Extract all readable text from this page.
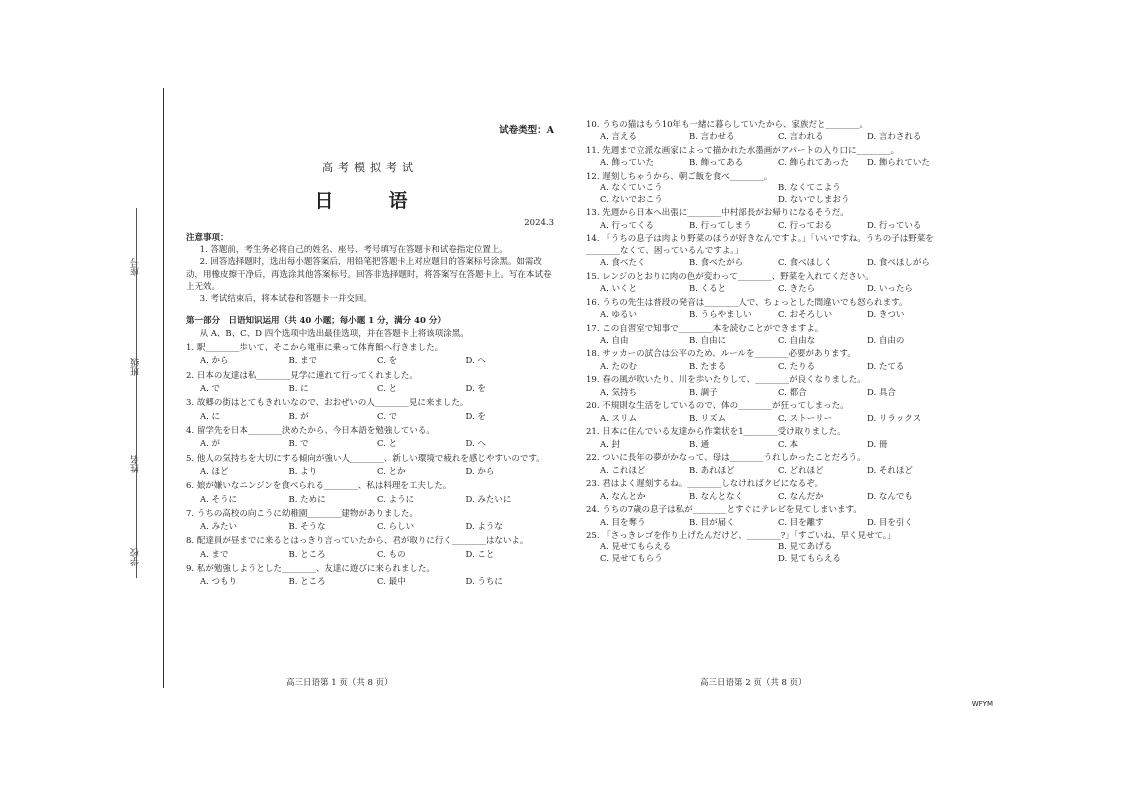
学校
姓名
班级
座号
试卷类型：A
高考模拟考试
日　语
2024.3
注意事项：

1. 答题前，考生务必将自己的姓名、座号、考号填写在答题卡和试卷指定位置上。

2. 回答选择题时，选出每小题答案后，用铅笔把答题卡上对应题目的答案标号涂黑。如需改动，用橡皮擦干净后，再选涂其他答案标号。回答非选择题时，将答案写在答题卡上。写在本试卷上无效。

3. 考试结束后，将本试卷和答题卡一并交回。

第一部分　日语知识运用（共 40 小题；每小题 1 分，满分 40 分）
从 A、B、C、D 四个选项中选出最佳选项，并在答题卡上将该项涂黑。
1. 駅________歩いて、そこから電車に乗って体育館へ行きました。
A. から	B. まで	C. を	D. へ
2. 日本の友達は私________見学に連れて行ってくれました。
A. で	B. に	C. と	D. を
3. 故郷の街はとてもきれいなので、おおぜいの人________見に来ました。
A. に	B. が	C. で	D. を
4. 留学先を日本________決めたから、今日本語を勉強している。
A. が	B. で	C. と	D. へ
5. 他人の気持ちを大切にする傾向が強い人________、新しい環境で疲れを感じやすいのです。
A. ほど	B. より	C. とか	D. から
6. 娘が嫌いなニンジンを食べられる________、私は料理を工夫した。
A. そうに	B. ために	C. ように	D. みたいに
7. うちの高校の向こうに幼稚園________建物がありました。
A. みたい	B. そうな	C. らしい	D. ような
8. 配達員が昼までに来るとはっきり言っていたから、君が取りに行く________はないよ。
A. まで	B. ところ	C. もの	D. こと
9. 私が勉強しようとした________、友達に遊びに来られました。
A. つもり	B. ところ	C. 最中	D. うちに
10. うちの猫はもう10年も一緒に暮らしていたから、家族だと________。
A. 言える	B. 言わせる	C. 言われる	D. 言わされる
11. 先週まで立派な画家によって描かれた水墨画がアパートの入り口に________。
A. 飾っていた	B. 飾ってある	C. 飾られてあった	D. 飾られていた
12. 遅刻しちゃうから、朝ご飯を食べ________。
A. なくていこう	B. なくてこよう
C. ないでおこう	D. ないでしまおう
13. 先週から日本へ出張に________中村部長がお帰りになるそうだ。
A. 行ってくる	B. 行ってしまう	C. 行っておる	D. 行っている
14. 「うちの息子は肉より野菜のほうが好きなんですよ。」「いいですね。うちの子は野菜を________なくて、困っているんですよ。」
A. 食べたく	B. 食べたがら	C. 食べほしく	D. 食べほしがら
15. レンジのとおりに肉の色が変わって________、野菜を入れてください。
A. いくと	B. くると	C. きたら	D. いったら
16. うちの先生は普段の発音は________人で、ちょっとした間違いでも怒られます。
A. ゆるい	B. うらやましい	C. おそろしい	D. きつい
17. この自習室で知事で________本を読むことができますよ。
A. 自由	B. 自由に	C. 自由な	D. 自由の
18. サッカーの試合は公平のため、ルールを________必要があります。
A. たのむ	B. たまる	C. たりる	D. たてる
19. 春の風が吹いたり、川を歩いたりして、________が良くなりました。
A. 気持ち	B. 調子	C. 都合	D. 具合
20. 不規則な生活をしているので、体の________が狂ってしまった。
A. スリム	B. リズム	C. ストーリー	D. リラックス
21. 日本に住んでいる友達から作業状を1________受け取りました。
A. 封	B. 通	C. 本	D. 冊
22. ついに長年の夢がかなって、母は________うれしかったことだろう。
A. これほど	B. あれほど	C. どれほど	D. それほど
23. 君はよく遅刻するね。________しなければクビになるぞ。
A. なんとか	B. なんとなく	C. なんだか	D. なんでも
24. うちの7歳の息子は私が________とすぐにテレビを見てしまいます。
A. 目を奪う	B. 目が届く	C. 目を離す	D. 目を引く
25. 「さっきレゴを作り上げたんだけど、________?」「すごいね、早く見せて。」
A. 見せてもらえる	B. 見てあげる
C. 見せてもらう	D. 見てもらえる
高三日语第 1 页（共 8 页）	高三日语第 2 页（共 8 页）
WFYM
